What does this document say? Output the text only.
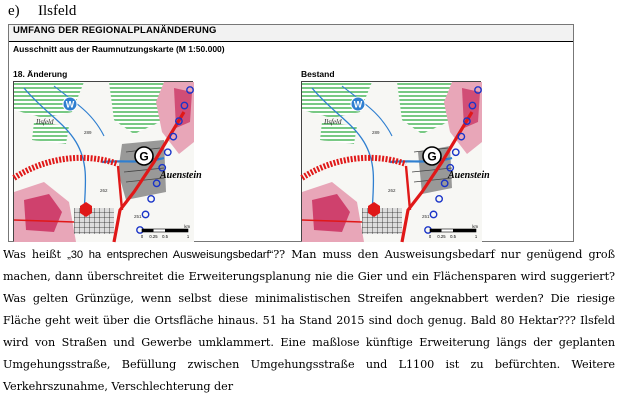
e) Ilsfeld
UMFANG DER REGIONALPLANÄNDERUNG
Ausschnitt aus der Raumnutzungskarte (M 1:50.000)
18. Änderung	Bestand
W
G
Ilsfeld
Auenstein
289
262
251
0 0.25 0.5	1
km
W
G
Ilsfeld
Auenstein
289
262
251
0 0.25 0.5	1
km
Was heißt „30 ha entsprechen Ausweisungsbedarf“?? Man muss den Ausweisungsbedarf nur genügend groß machen, dann überschreitet die Erweiterungsplanung nie die Gier und ein Flächensparen wird suggeriert? Was gelten Grünzüge, wenn selbst diese minimalistischen Streifen angeknabbert werden? Die riesige Fläche geht weit über die Ortsfläche hinaus. 51 ha Stand 2015 sind doch genug. Bald 80 Hektar??? Ilsfeld wird von Straßen und Gewerbe umklammert. Eine maßlose künftige Erweiterung längs der geplanten Umgehungsstraße, Befüllung zwischen Umgehungsstraße und L1100 ist zu befürchten. Weitere Verkehrszunahme, Verschlechterung der
